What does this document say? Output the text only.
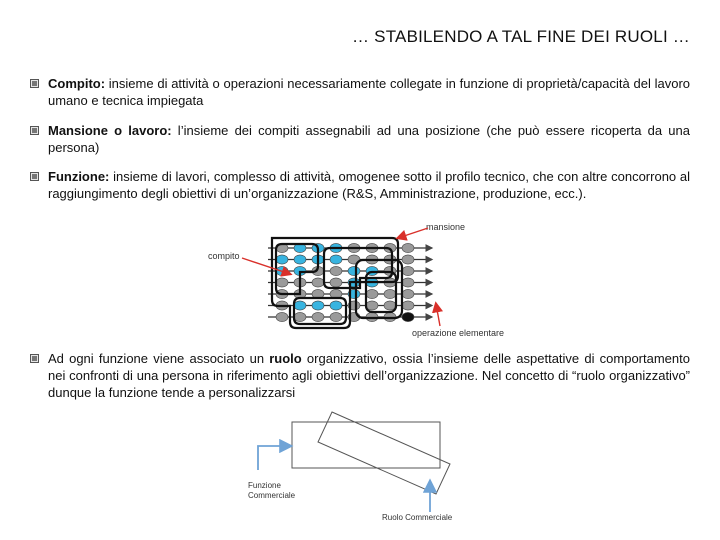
… STABILENDO A TAL FINE DEI RUOLI …
Compito: insieme di attività o operazioni necessariamente collegate in funzione di proprietà/capacità del lavoro umano e tecnica impiegata
Mansione o lavoro: l’insieme dei compiti assegnabili ad una posizione (che può essere ricoperta da una persona)
Funzione: insieme di lavori, complesso di attività, omogenee sotto il profilo tecnico, che con altre concorrono al raggiungimento degli obiettivi di un’organizzazione (R&S, Amministrazione, produzione, ecc.).
mansione
compito
operazione elementare
Ad ogni funzione viene associato un ruolo organizzativo, ossia l’insieme delle aspettative di comportamento nei confronti di una persona in riferimento agli obiettivi dell’organizzazione. Nel concetto di “ruolo organizzativo” dunque la funzione tende a personalizzarsi
Funzione
Commerciale
Ruolo Commerciale
